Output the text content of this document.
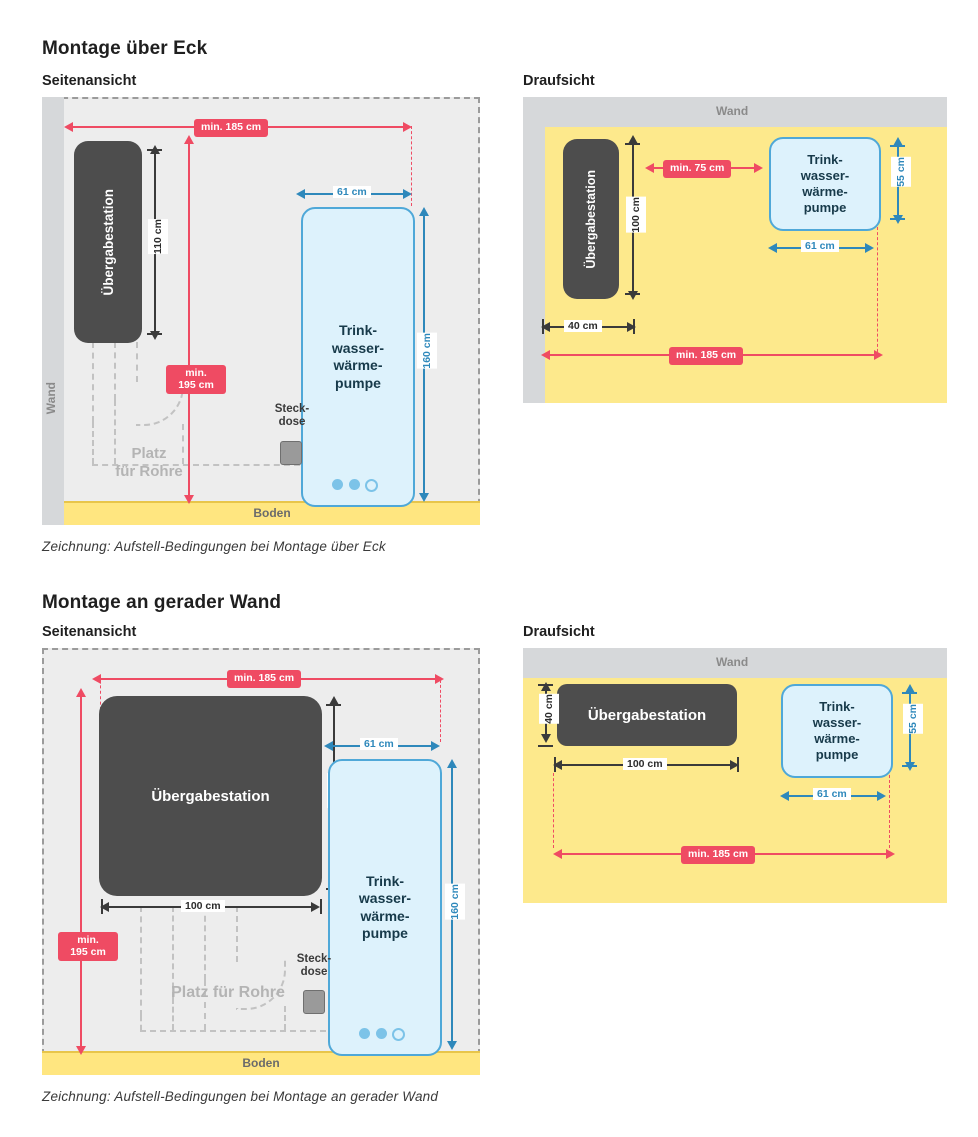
Montage über Eck
Seitenansicht	Draufsicht
Wand
Boden
Platz
für Rohre
Übergabestation	110 cm
min. 185 cm
min.
195 cm
61 cm
Trink-
wasser-
wärme-
pumpe
160 cm
Steck-
dose
Wand
Übergabestation	100 cm
40 cm
min. 75 cm
Trink-
wasser-
wärme-
pumpe
55 cm
61 cm
min. 185 cm
Zeichnung: Aufstell-Bedingungen bei Montage über Eck
Montage an gerader Wand
Seitenansicht	Draufsicht
Boden
Platz für Rohre
min. 185 cm
Übergabestation
100 cm
min.
195 cm
61 cm
Trink-
wasser-
wärme-
pumpe
160 cm
Steck-
dose
Wand
Übergabestation
40 cm
100 cm
Trink-
wasser-
wärme-
pumpe
55 cm
61 cm
min. 185 cm
Zeichnung: Aufstell-Bedingungen bei Montage an gerader Wand
